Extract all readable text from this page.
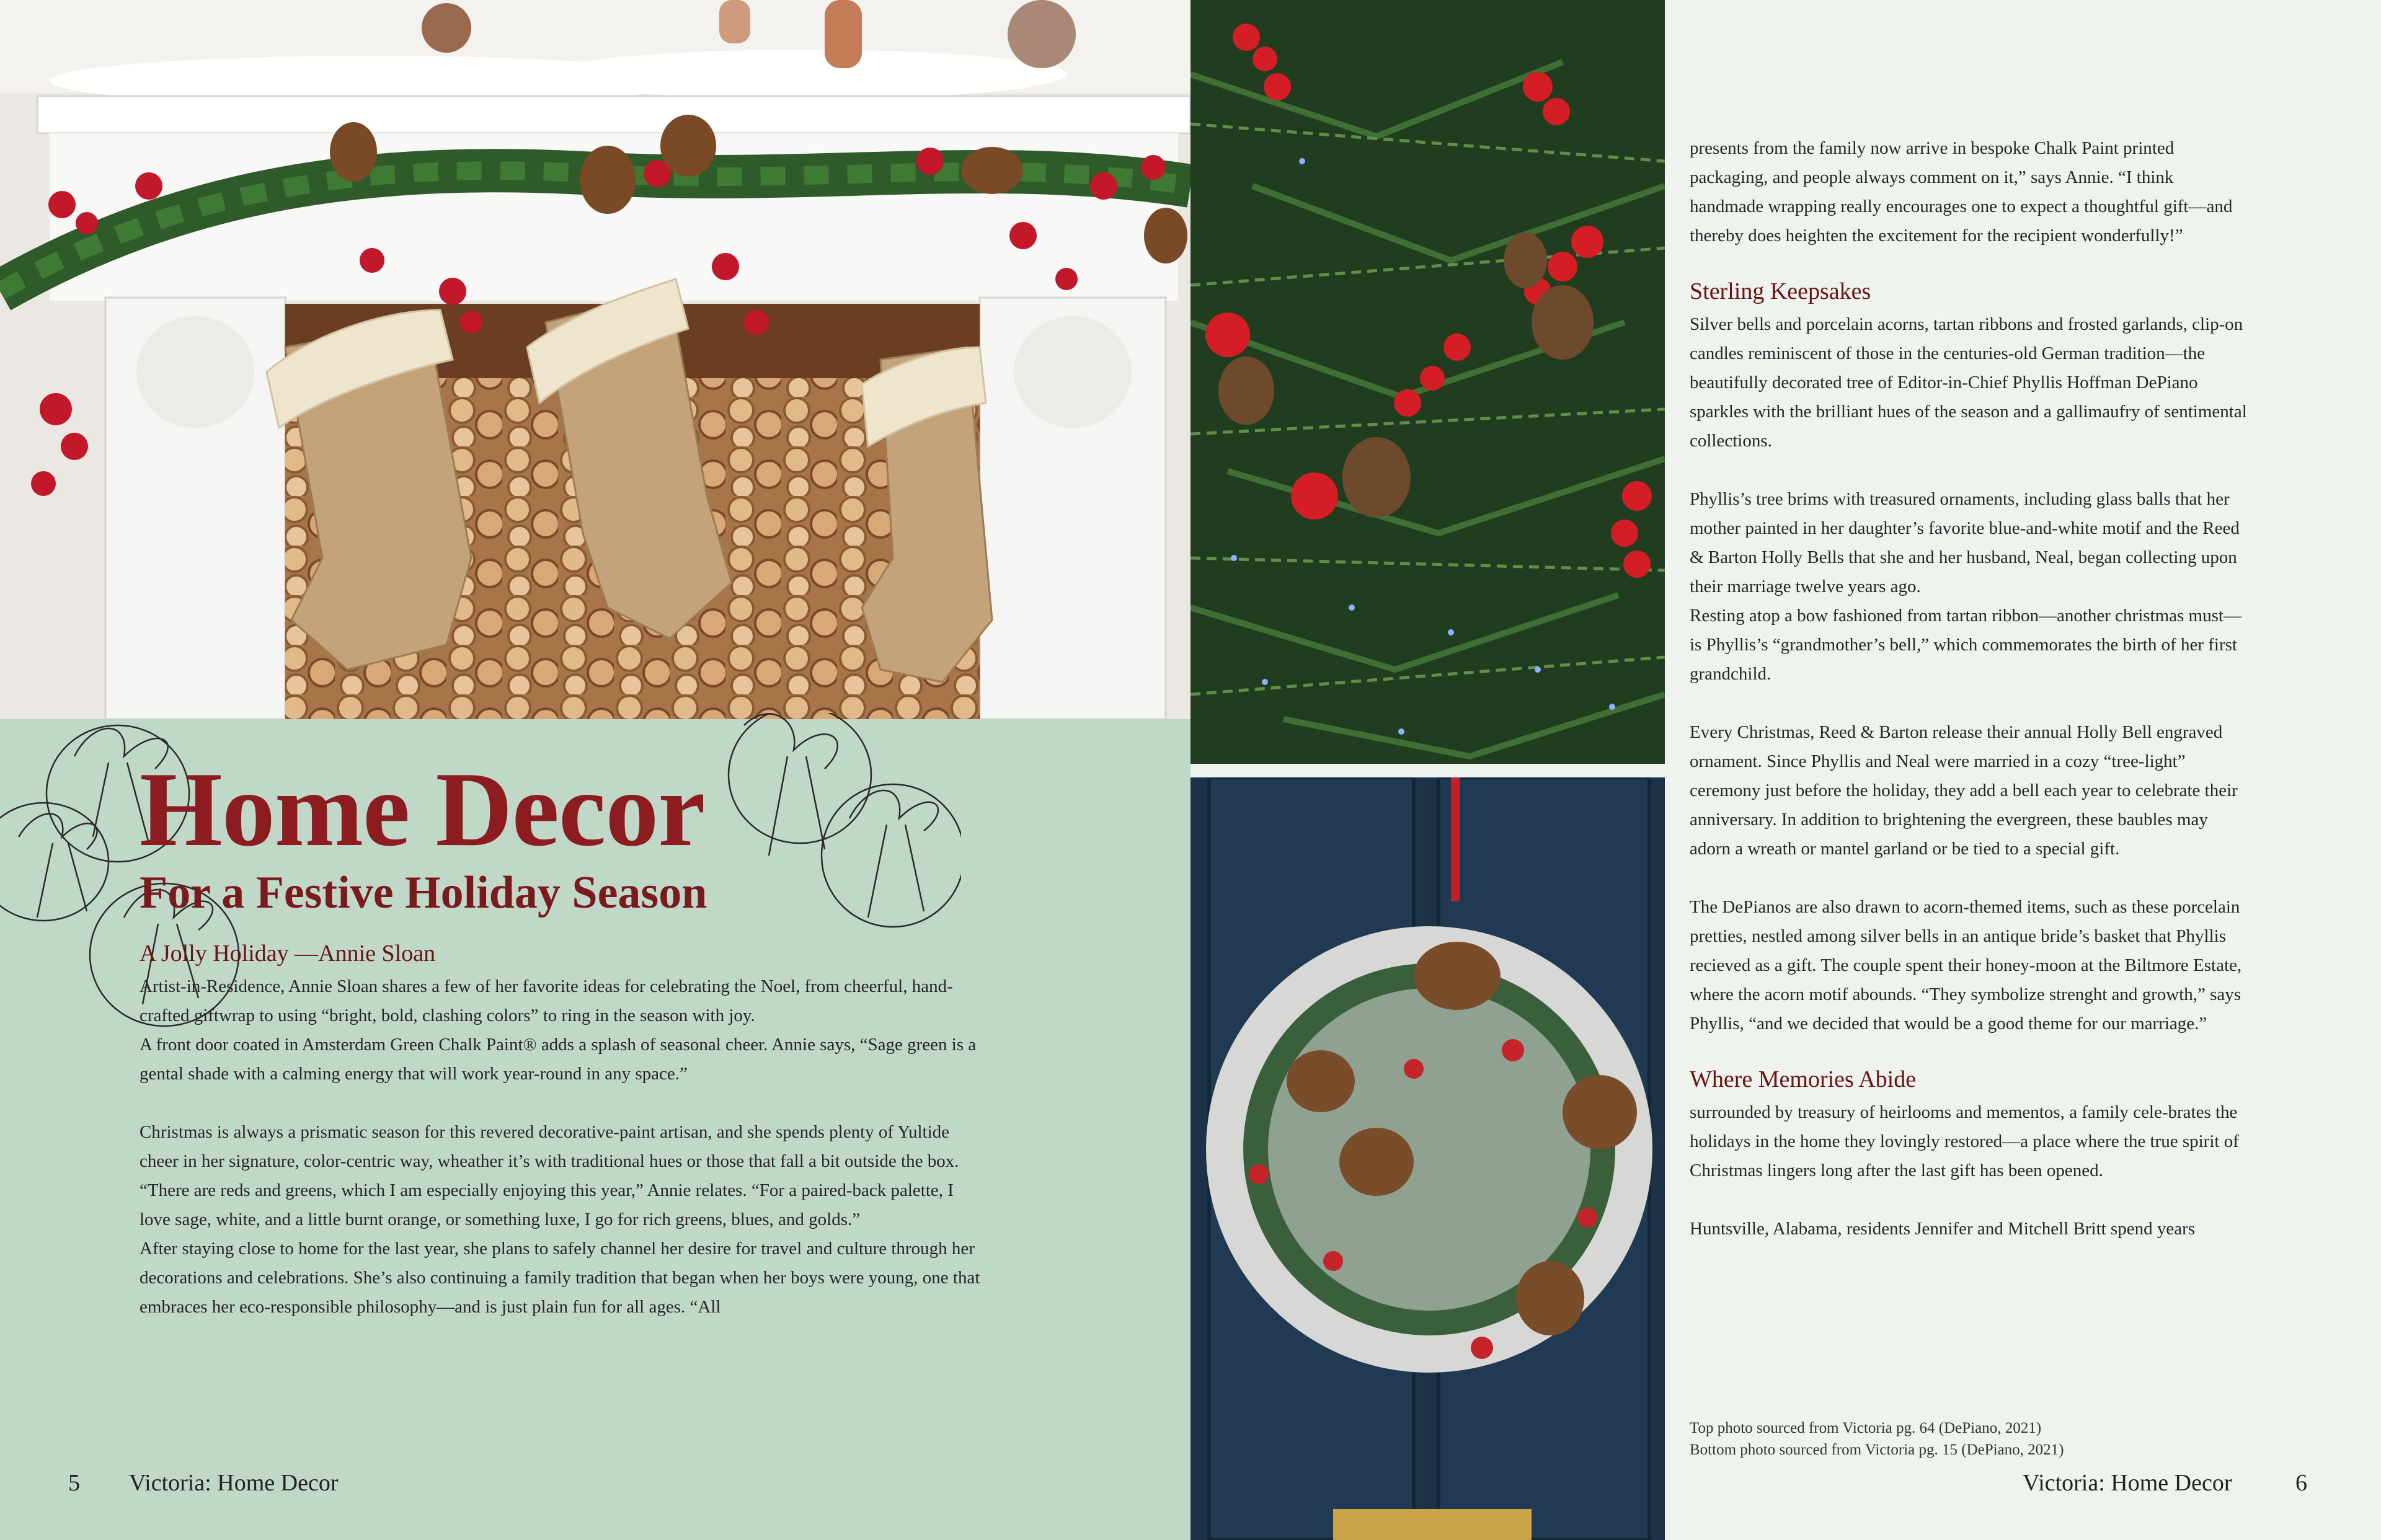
Home Decor
For a Festive Holiday Season
A Jolly Holiday —Annie Sloan

Artist-in-Residence, Annie Sloan shares a few of her favorite ideas for celebrating the Noel, from cheerful, hand-crafted giftwrap to using “bright, bold, clashing colors” to ring in the season with joy.

A front door coated in Amsterdam Green Chalk Paint® adds a splash of seasonal cheer. Annie says, “Sage green is a gental shade with a calming energy that will work year-round in any space.”

Christmas is always a prismatic season for this revered decorative-paint artisan, and she spends plenty of Yultide cheer in her signature, color-centric way, wheather it’s with traditional hues or those that fall a bit outside the box. “There are reds and greens, which I am especially enjoying this year,” Annie relates. “For a paired-back palette, I love sage, white, and a little burnt orange, or something luxe, I go for rich greens, blues, and golds.”

After staying close to home for the last year, she plans to safely channel her desire for travel and culture through her decorations and celebrations. She’s also continuing a family tradition that began when her boys were young, one that embraces her eco-responsible philosophy—and is just plain fun for all ages. “All

5 Victoria: Home Decor

presents from the family now arrive in bespoke Chalk Paint printed packaging, and people always comment on it,” says Annie. “I think handmade wrapping really encourages one to expect a thoughtful gift—and thereby does heighten the excitement for the recipient wonderfully!”

Sterling Keepsakes

Silver bells and porcelain acorns, tartan ribbons and frosted garlands, clip-on candles reminiscent of those in the centuries-old German tradition—the beautifully decorated tree of Editor-in-Chief Phyllis Hoffman DePiano sparkles with the brilliant hues of the season and a gallimaufry of sentimental collections.

Phyllis’s tree brims with treasured ornaments, including glass balls that her mother painted in her daughter’s favorite blue-and-white motif and the Reed & Barton Holly Bells that she and her husband, Neal, began collecting upon their marriage twelve years ago.

Resting atop a bow fashioned from tartan ribbon—another christmas must—is Phyllis’s “grandmother’s bell,” which commemorates the birth of her first grandchild.

Every Christmas, Reed & Barton release their annual Holly Bell engraved ornament. Since Phyllis and Neal were married in a cozy “tree-light” ceremony just before the holiday, they add a bell each year to celebrate their anniversary. In addition to brightening the evergreen, these baubles may adorn a wreath or mantel garland or be tied to a special gift.

The DePianos are also drawn to acorn-themed items, such as these porcelain pretties, nestled among silver bells in an antique bride’s basket that Phyllis recieved as a gift. The couple spent their honey-moon at the Biltmore Estate, where the acorn motif abounds. “They symbolize strenght and growth,” says Phyllis, “and we decided that would be a good theme for our marriage.”

Where Memories Abide

surrounded by treasury of heirlooms and mementos, a family cele-brates the holidays in the home they lovingly restored—a place where the true spirit of Christmas lingers long after the last gift has been opened.

Huntsville, Alabama, residents Jennifer and Mitchell Britt spend years

Top photo sourced from Victoria pg. 64 (DePiano, 2021)
Bottom photo sourced from Victoria pg. 15 (DePiano, 2021)
Victoria: Home Decor	6
